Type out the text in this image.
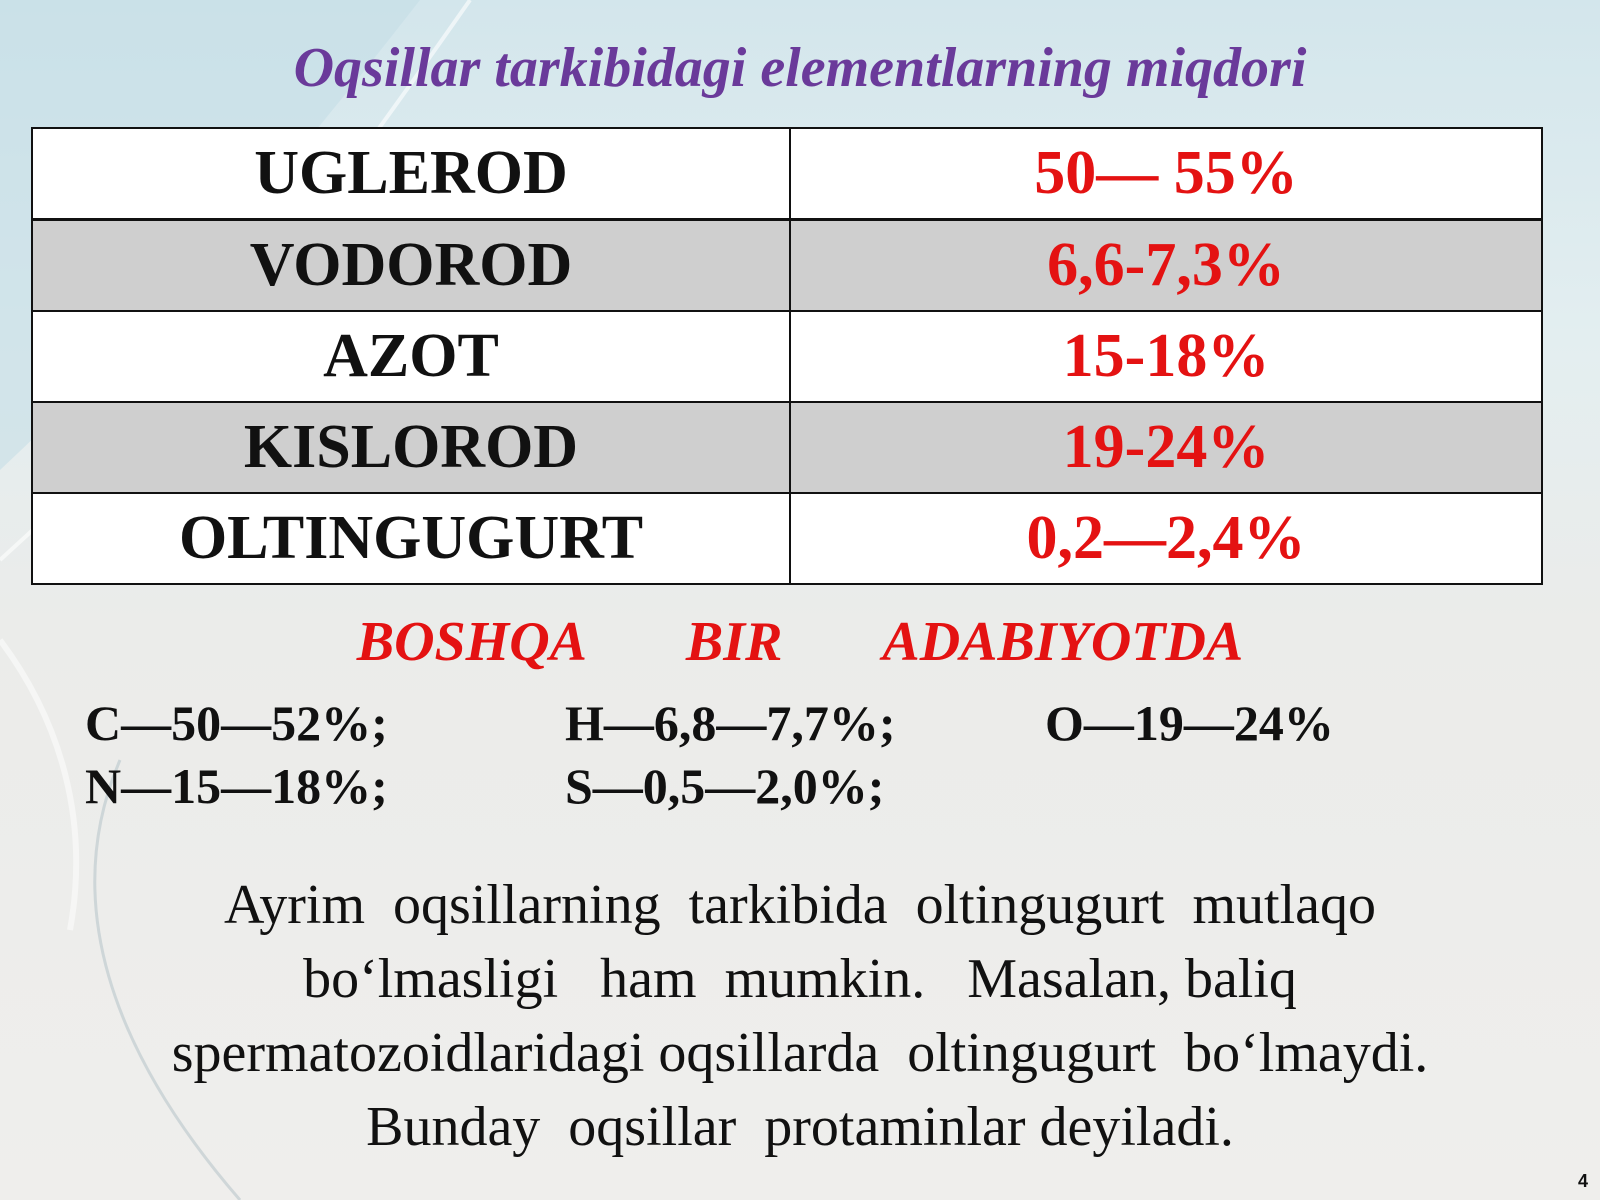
Oqsillar tarkibidagi elementlarning miqdori
UGLEROD	50— 55%
VODOROD	6,6-7,3%
AZOT	15-18%
KISLOROD	19-24%
OLTINGUGURT	0,2—2,4%
BOSHQA   BIR   ADABIYOTDA
C—50—52%;	H—6,8—7,7%;	O—19—24%
N—15—18%;	S—0,5—2,0%;
Ayrim  oqsillarning  tarkibida  oltingugurt  mutlaqo
bo‘lmasligi   ham  mumkin.   Masalan, baliq
spermatozoidlaridagi oqsillarda  oltingugurt  bo‘lmaydi.
Bunday  oqsillar  protaminlar deyiladi.
4
